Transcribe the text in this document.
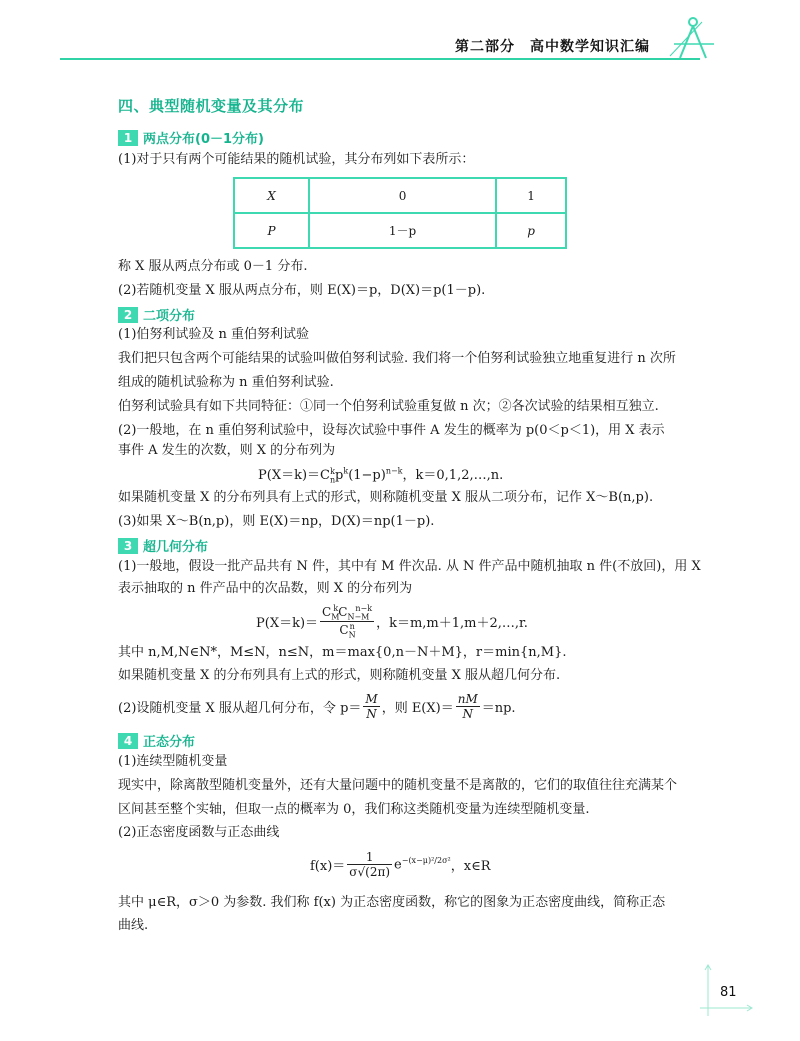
第二部分　高中数学知识汇编
四、典型随机变量及其分布
1 两点分布(0－1分布)
(1)对于只有两个可能结果的随机试验，其分布列如下表所示：
X	0	1
P	1－p	p
称 X 服从两点分布或 0－1 分布.
(2)若随机变量 X 服从两点分布，则 E(X)＝p，D(X)＝p(1－p).
2 二项分布
(1)伯努利试验及 n 重伯努利试验
我们把只包含两个可能结果的试验叫做伯努利试验. 我们将一个伯努利试验独立地重复进行 n 次所
组成的随机试验称为 n 重伯努利试验.
伯努利试验具有如下共同特征：①同一个伯努利试验重复做 n 次；②各次试验的结果相互独立.
(2)一般地，在 n 重伯努利试验中，设每次试验中事件 A 发生的概率为 p(0＜p＜1)，用 X 表示
事件 A 发生的次数，则 X 的分布列为
$P(X=k)=C_n^kp^k(1-p)^{n-k}$，k＝0,1,2,…,n.
如果随机变量 X 的分布列具有上式的形式，则称随机变量 X 服从二项分布，记作 X～B(n,p).
(3)如果 X～B(n,p)，则 E(X)＝np，D(X)＝np(1－p).
3 超几何分布
(1)一般地，假设一批产品共有 N 件，其中有 M 件次品. 从 N 件产品中随机抽取 n 件(不放回)，用 X
表示抽取的 n 件产品中的次品数，则 X 的分布列为
$P(X=k)= \frac{C_M^kC_{N-M}^{n-k}}{C_N^n}$ ，k＝m,m＋1,m＋2,…,r.
其中 n,M,N∈N*，M≤N，n≤N，m＝max{0,n－N＋M}，r＝min{n,M}.
如果随机变量 X 的分布列具有上式的形式，则称随机变量 X 服从超几何分布.
(2)设随机变量 X 服从超几何分布，令 $p= \frac{M}{N}$ ，则 $E(X)= \frac{nM}{N} =np$.
4 正态分布
(1)连续型随机变量
现实中，除离散型随机变量外，还有大量问题中的随机变量不是离散的，它们的取值往往充满某个
区间甚至整个实轴，但取一点的概率为 0，我们称这类随机变量为连续型随机变量.
(2)正态密度函数与正态曲线
$f(x)= \frac{1}{\sigma√(2\pi)} e^{-(x-\mu)^2/2\sigma^2}$ ，x∈R
其中 μ∈R，σ＞0 为参数. 我们称 f(x) 为正态密度函数，称它的图象为正态密度曲线，简称正态
曲线.
81
